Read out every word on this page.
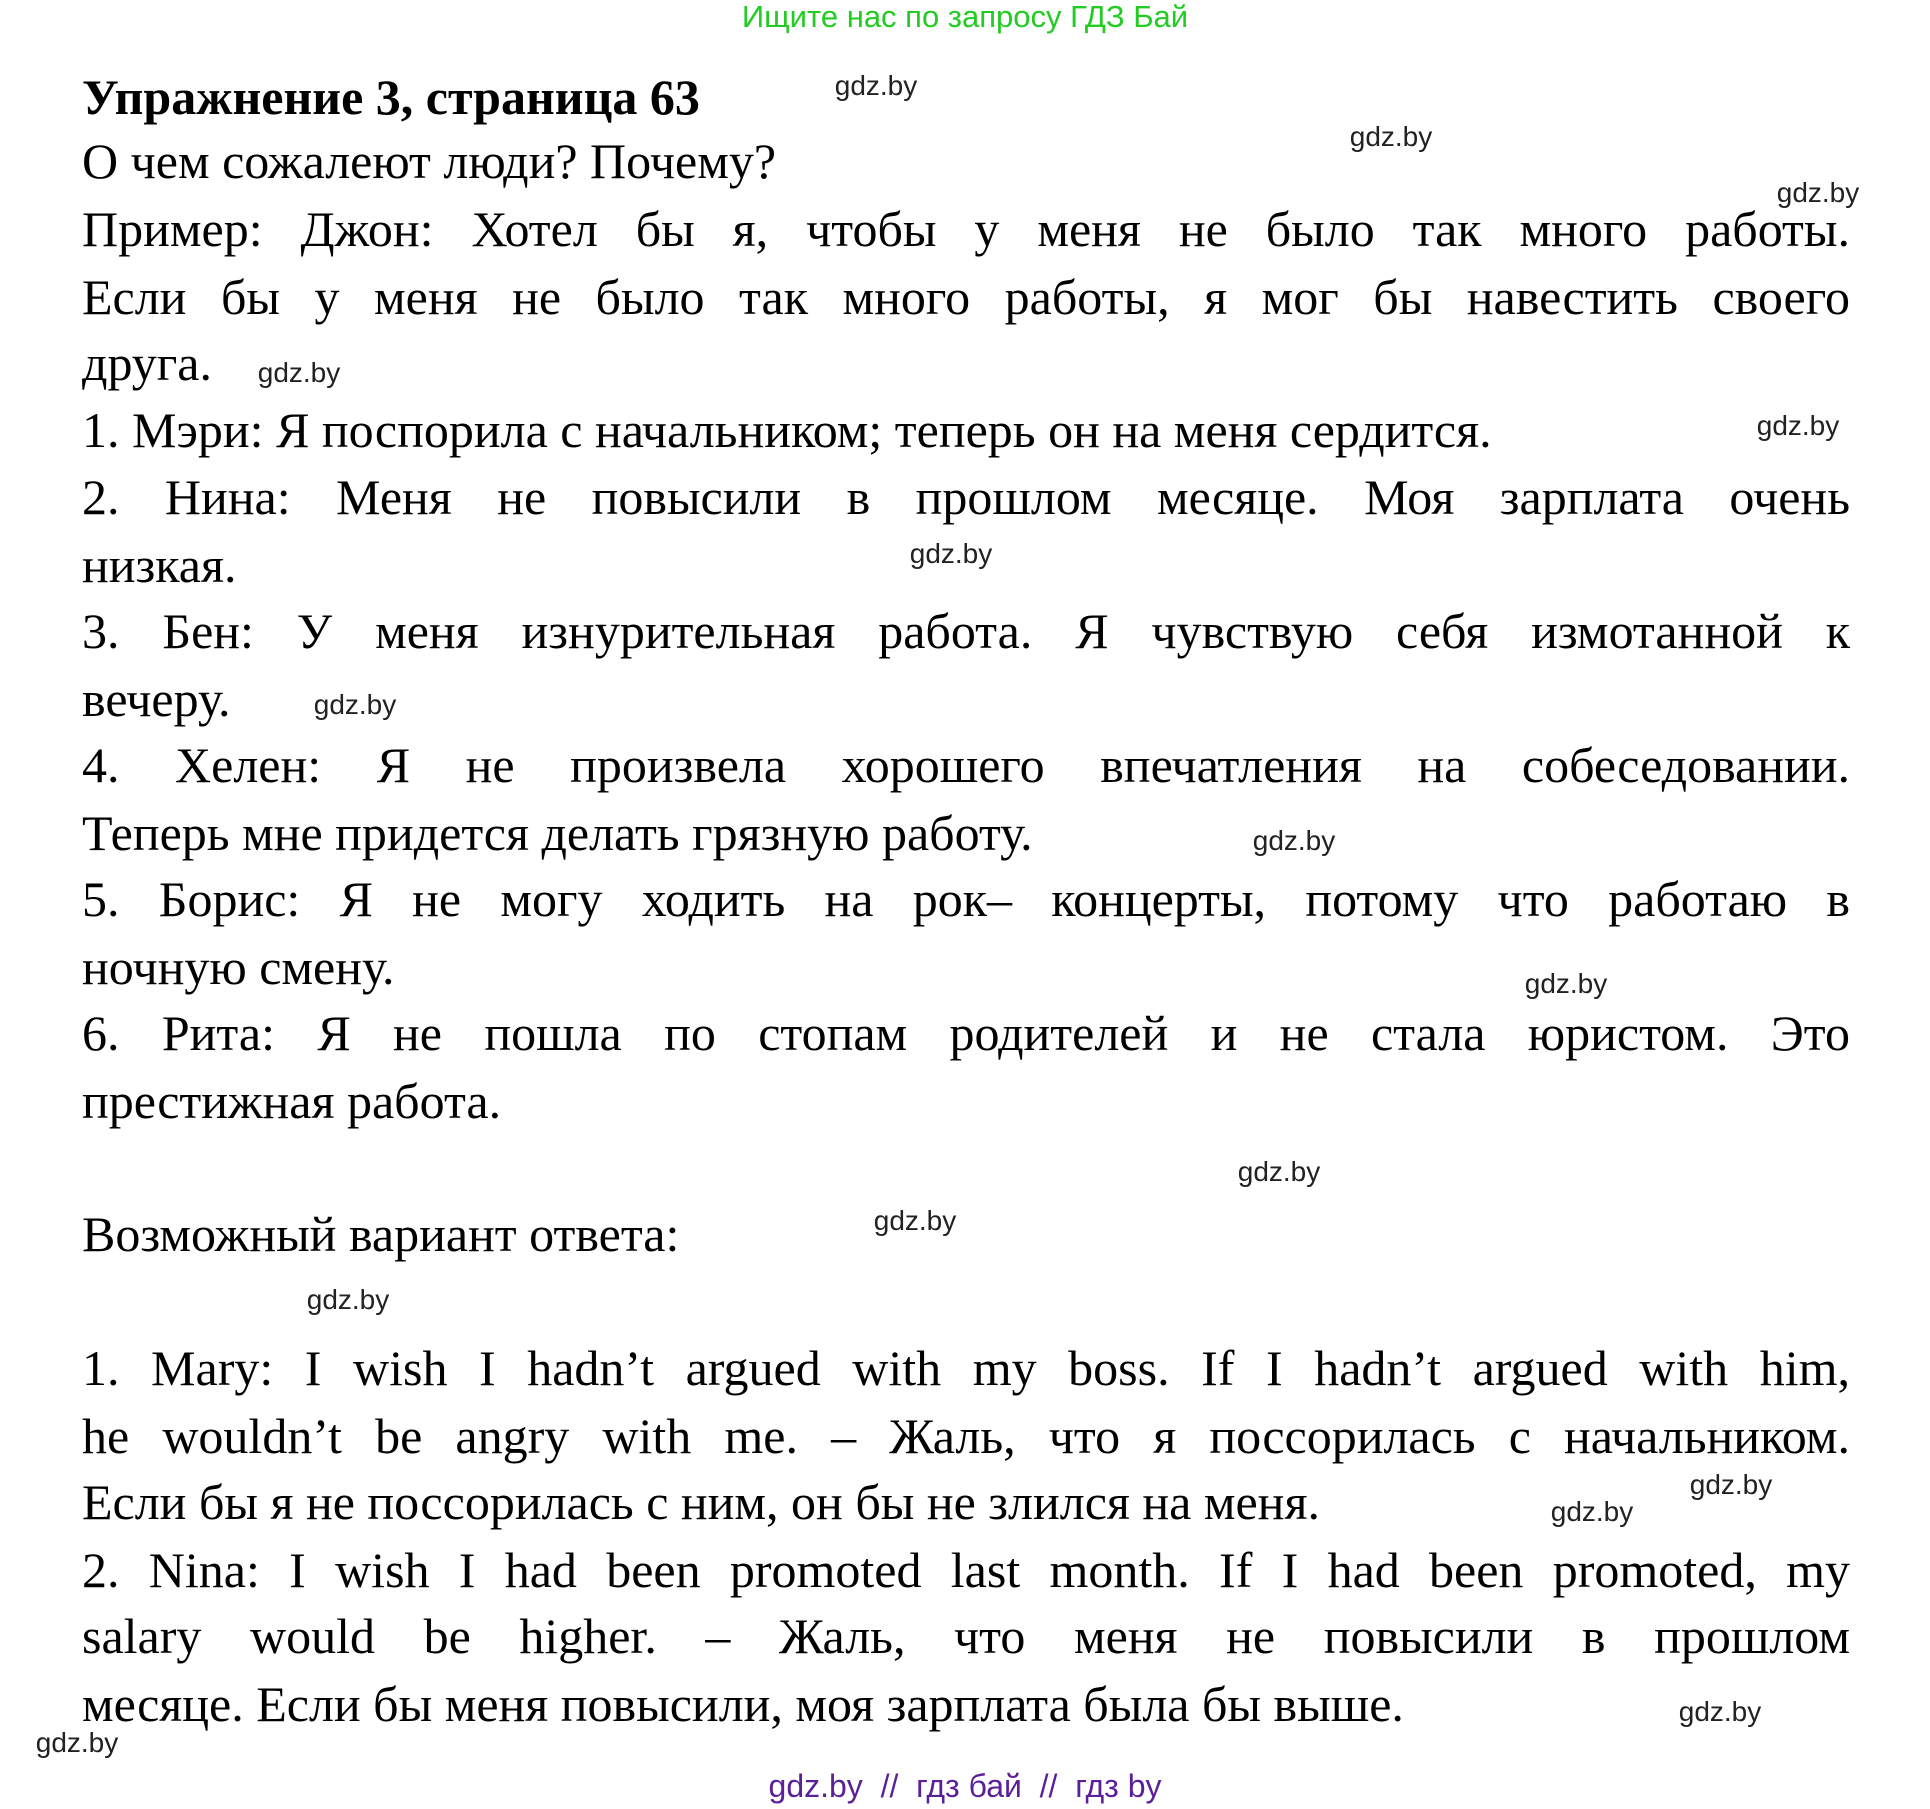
Ищите нас по запросу ГДЗ Бай
Упражнение 3, страница 63
О чем сожалеют люди? Почему?
Пример: Джон: Хотел бы я, чтобы у меня не было так много работы.
Если бы у меня не было так много работы, я мог бы навестить своего
друга.
1. Мэри: Я поспорила с начальником; теперь он на меня сердится.
2. Нина: Меня не повысили в прошлом месяце. Моя зарплата очень
низкая.
3. Бен: У меня изнурительная работа. Я чувствую себя измотанной к
вечеру.
4. Хелен: Я не произвела хорошего впечатления на собеседовании.
Теперь мне придется делать грязную работу.
5. Борис: Я не могу ходить на рок– концерты, потому что работаю в
ночную смену.
6. Рита: Я не пошла по стопам родителей и не стала юристом. Это
престижная работа.
Возможный вариант ответа:
1. Mary: I wish I hadn’t argued with my boss. If I hadn’t argued with him,
he wouldn’t be angry with me. – Жаль, что я поссорилась с начальником.
Если бы я не поссорилась с ним, он бы не злился на меня.
2. Nina: I wish I had been promoted last month. If I had been promoted, my
salary would be higher. – Жаль, что меня не повысили в прошлом
месяце. Если бы меня повысили, моя зарплата была бы выше.
gdz.by
gdz.by
gdz.by
gdz.by
gdz.by
gdz.by
gdz.by
gdz.by
gdz.by
gdz.by
gdz.by
gdz.by
gdz.by
gdz.by
gdz.by
gdz.by
gdz.by  //  гдз бай  //  гдз by
